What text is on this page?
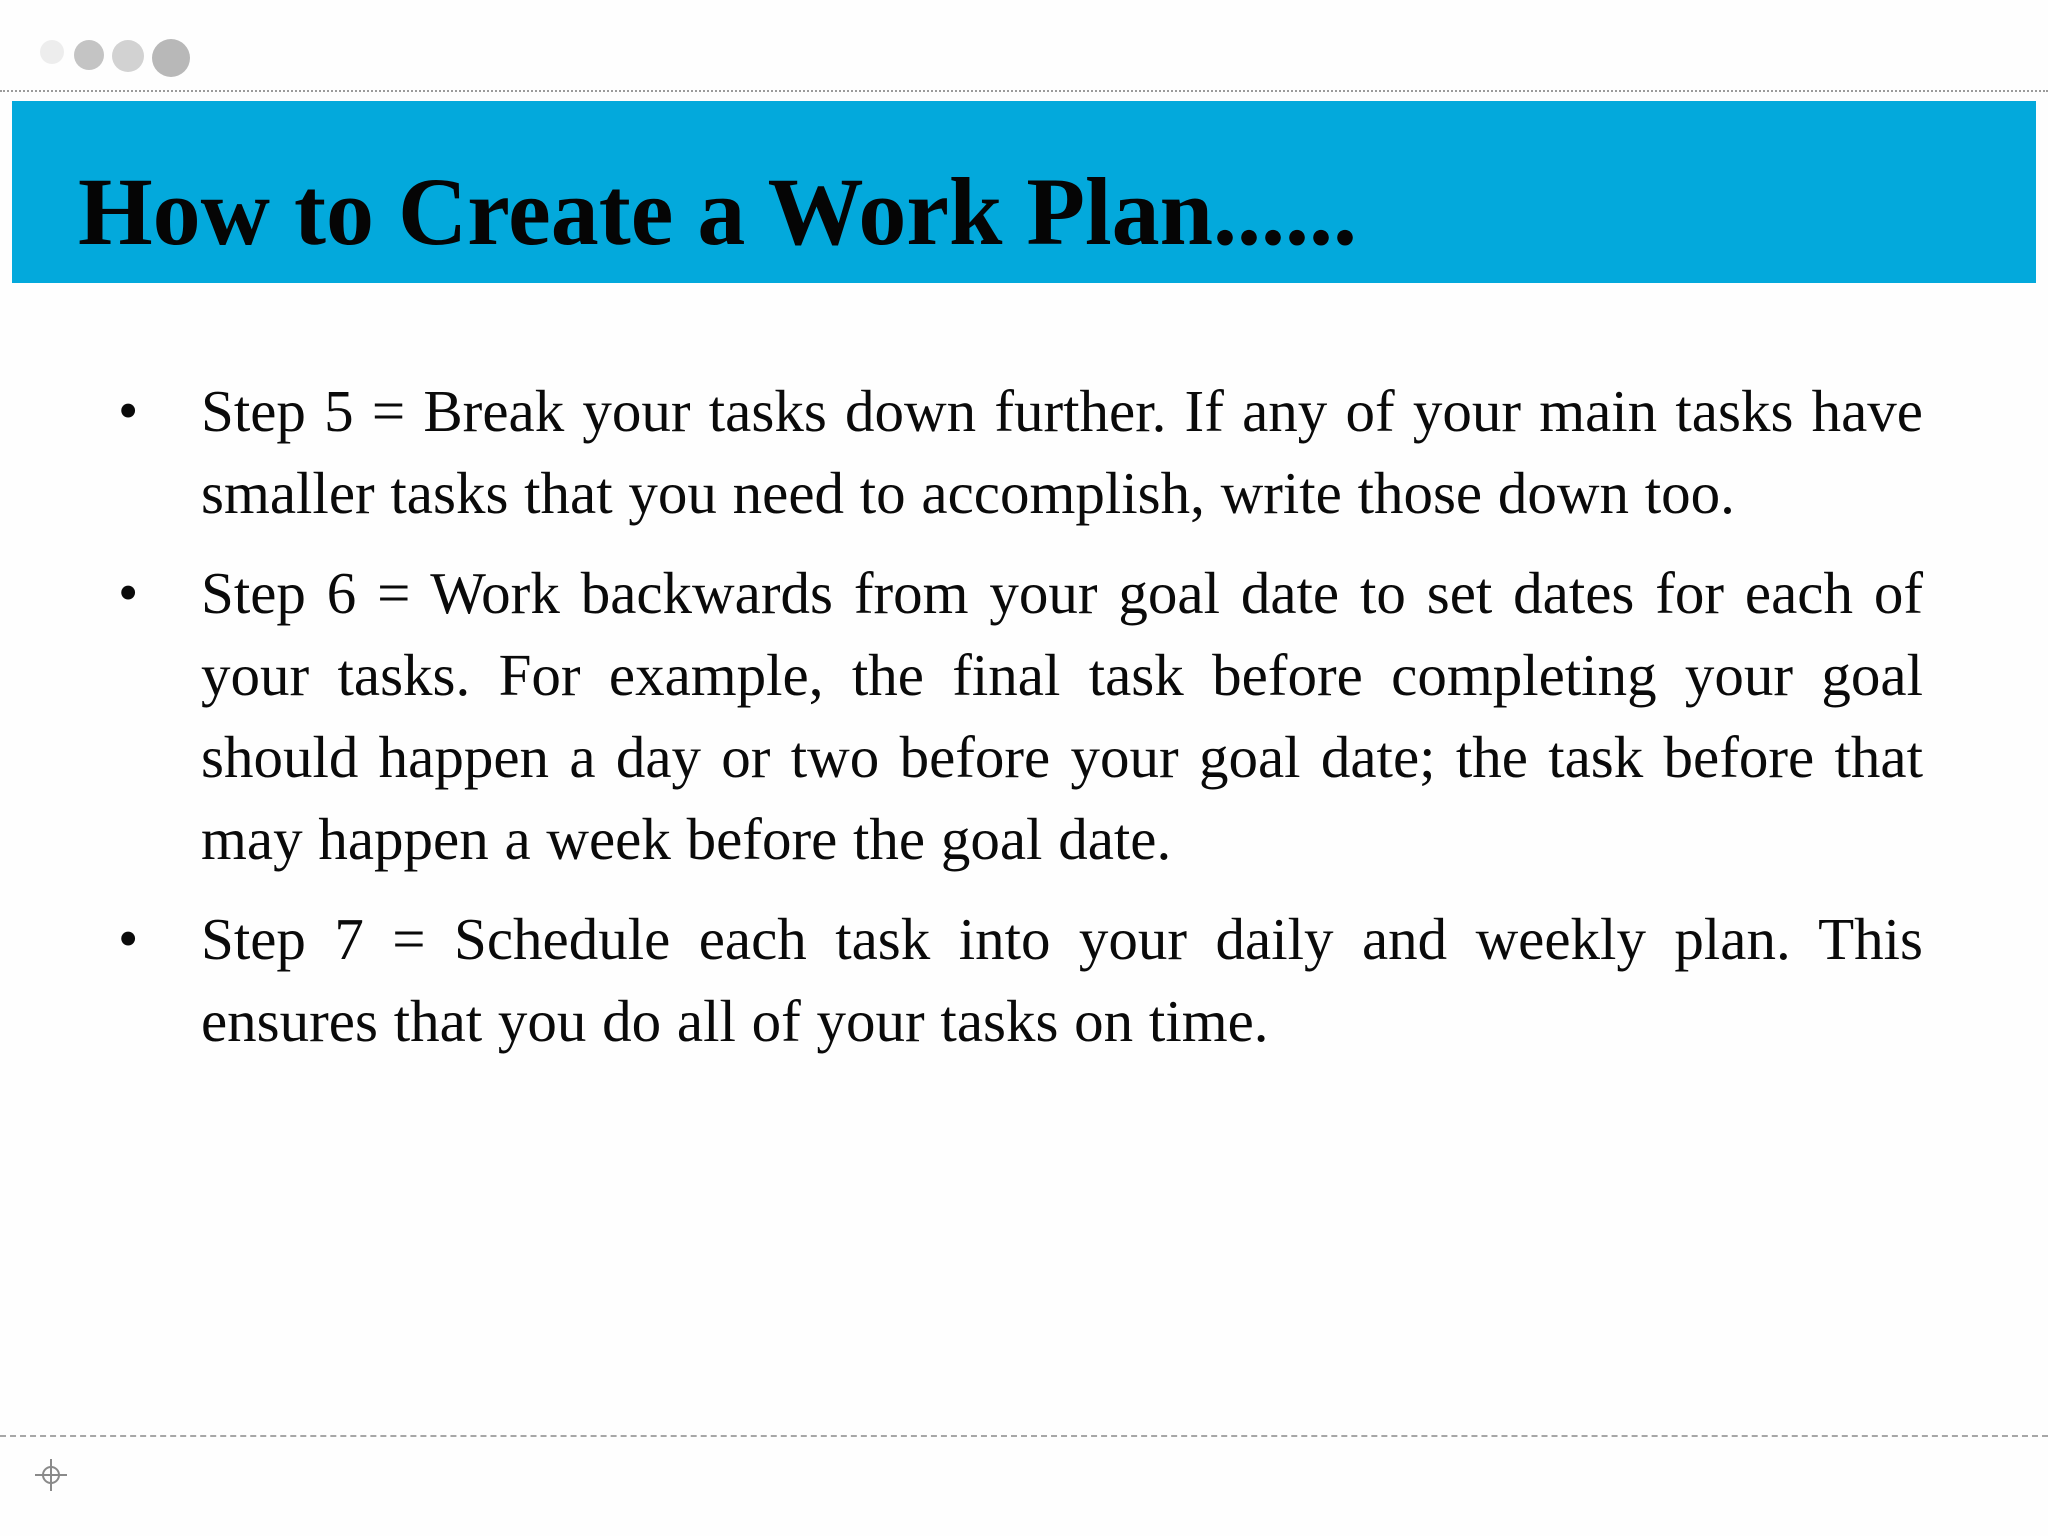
How to Create a Work Plan......
• Step 5 = Break your tasks down further. If any of your main tasks have smaller tasks that you need to accomplish, write those down too.
• Step 6 = Work backwards from your goal date to set dates for each of your tasks. For example, the final task before completing your goal should happen a day or two before your goal date; the task before that may happen a week before the goal date.
• Step 7 = Schedule each task into your daily and weekly plan. This ensures that you do all of your tasks on time.
